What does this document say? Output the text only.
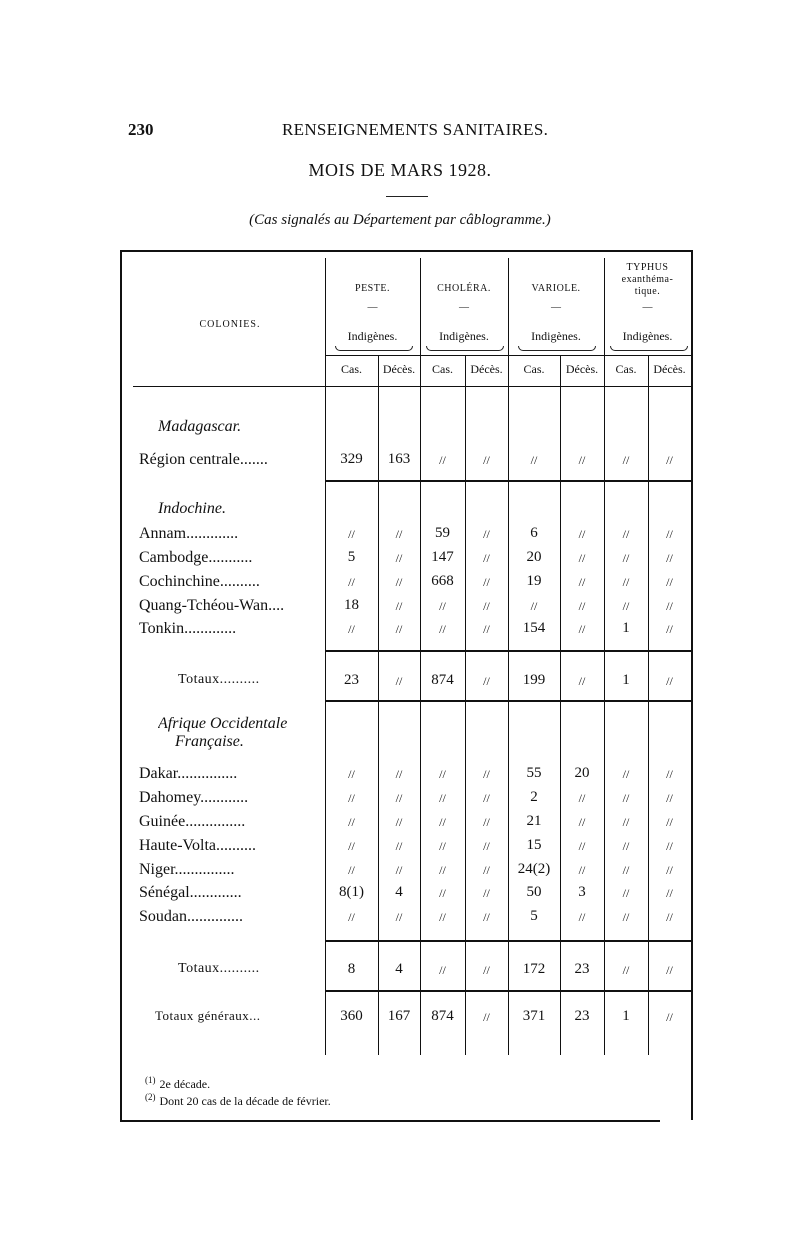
230	RENSEIGNEMENTS SANITAIRES.
MOIS DE MARS 1928.
(Cas signalés au Département par câblogramme.)
COLONIES.
PESTE.
—
Indigènes.
CHOLÉRA.
—
Indigènes.
VARIOLE.
—
Indigènes.
TYPHUS
exanthéma-
tique.
—
Indigènes.
Cas.	Décès.	Cas.	Décès.	Cas.	Décès.	Cas.	Décès.
Madagascar.
Région centrale.......	329	163	//	//	//	//	//	//
Indochine.
Annam.............	//	//	59	//	6	//	//	//
Cambodge...........	5	//	147	//	20	//	//	//
Cochinchine..........	//	//	668	//	19	//	//	//
Quang-Tchéou-Wan....	18	//	//	//	//	//	//	//
Tonkin.............	//	//	//	//	154	//	1	//
Totaux..........	23	//	874	//	199	//	1	//
Afrique Occidentale
Française.
Dakar...............	//	//	//	//	55	20	//	//
Dahomey............	//	//	//	//	2	//	//	//
Guinée...............	//	//	//	//	21	//	//	//
Haute-Volta..........	//	//	//	//	15	//	//	//
Niger...............	//	//	//	//	24(2)	//	//	//
Sénégal.............	8(1)	4	//	//	50	3	//	//
Soudan..............	//	//	//	//	5	//	//	//
Totaux..........	8	4	//	//	172	23	//	//
Totaux généraux...	360	167	874	//	371	23	1	//
$^{(1)}$ 2e décade.
$^{(2)}$ Dont 20 cas de la décade de février.
